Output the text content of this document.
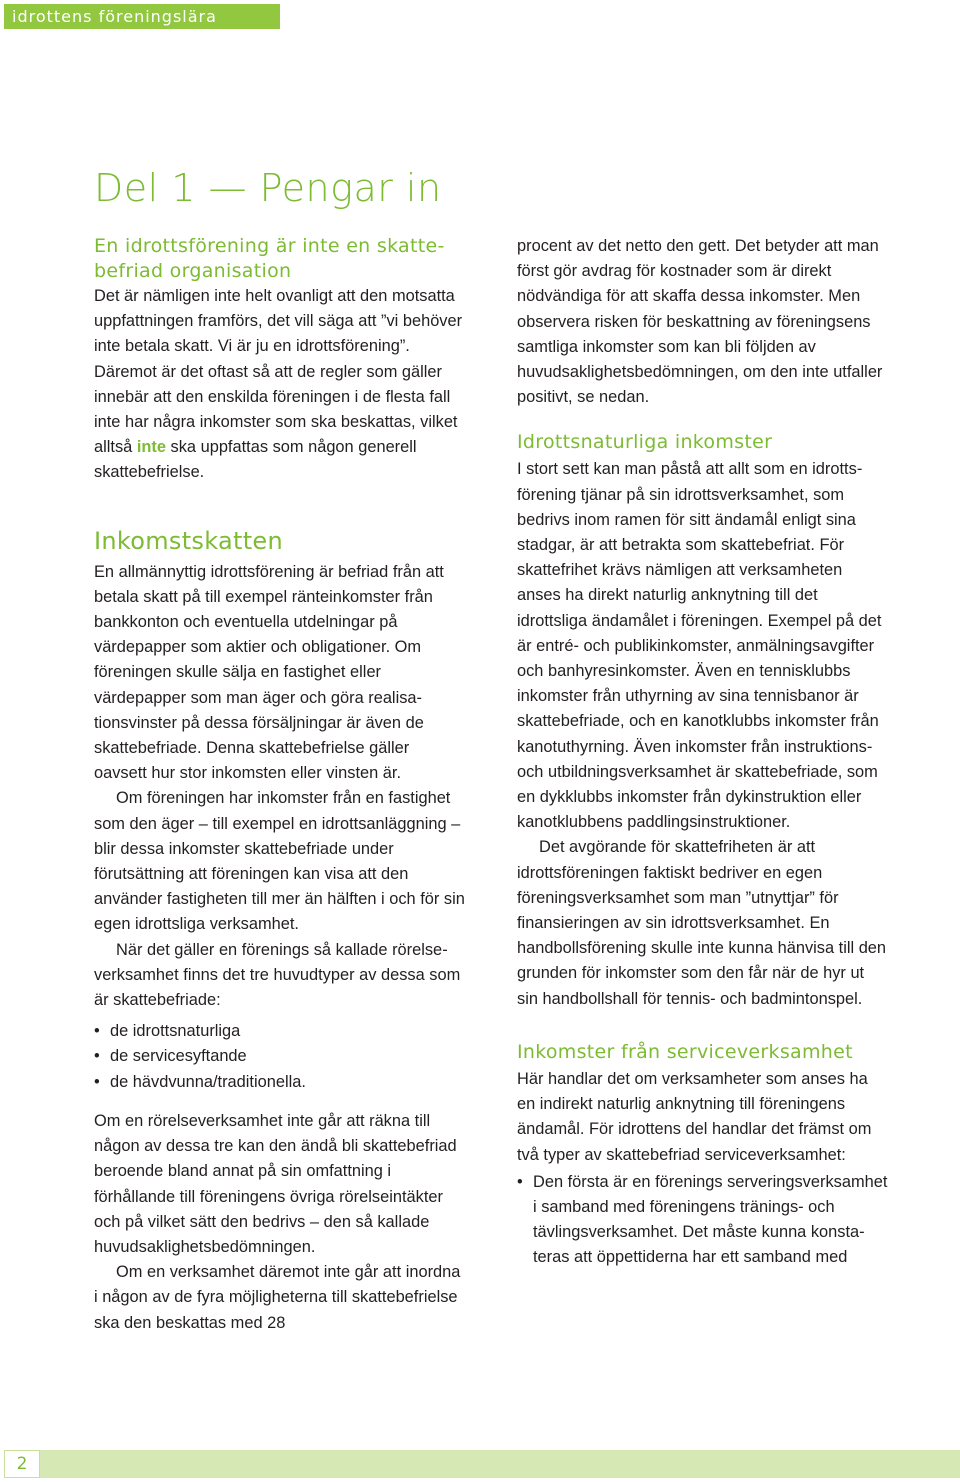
idrottens föreningslära
Del 1 — Pengar in
En idrottsförening är inte en skattebefriad organisation

Det är nämligen inte helt ovanligt att den motsatta uppfattningen framförs, det vill säga att ”vi behöver inte betala skatt. Vi är ju en idrottsförening”. Däremot är det oftast så att de regler som gäller innebär att den enskilda föreningen i de flesta fall inte har några inkomster som ska beskattas, vilket alltså inte ska uppfattas som någon generell skattebefrielse.

Inkomstskatten

En allmännyttig idrottsförening är befriad från att betala skatt på till exempel ränteinkomster från bankkonton och eventuella utdelningar på värdepapper som aktier och obligationer. Om föreningen skulle sälja en fastighet eller värdepapper som man äger och göra realisationsvinster på dessa försäljningar är även de skattebefriade. Denna skattebefrielse gäller oavsett hur stor inkomsten eller vinsten är.

Om föreningen har inkomster från en fastighet som den äger – till exempel en idrottsanläggning – blir dessa inkomster skattebefriade under förutsättning att föreningen kan visa att den använder fastigheten till mer än hälften i och för sin egen idrottsliga verksamhet.

När det gäller en förenings så kallade rörelseverksamhet finns det tre huvudtyper av dessa som är skattebefriade:

• de idrottsnaturliga
• de servicesyftande
• de hävdvunna/traditionella.

Om en rörelseverksamhet inte går att räkna till någon av dessa tre kan den ändå bli skattebefriad beroende bland annat på sin omfattning i förhållande till föreningens övriga rörelseintäkter och på vilket sätt den bedrivs – den så kallade huvudsaklighetsbedömningen.

Om en verksamhet däremot inte går att inordna i någon av de fyra möjligheterna till skattebefrielse ska den beskattas med 28

procent av det netto den gett. Det betyder att man först gör avdrag för kostnader som är direkt nödvändiga för att skaffa dessa inkomster. Men observera risken för beskattning av föreningsens samtliga inkomster som kan bli följden av huvudsaklighetsbedömningen, om den inte utfaller positivt, se nedan.

Idrottsnaturliga inkomster

I stort sett kan man påstå att allt som en idrottsförening tjänar på sin idrottsverksamhet, som bedrivs inom ramen för sitt ändamål enligt sina stadgar, är att betrakta som skattebefriat. För skattefrihet krävs nämligen att verksamheten anses ha direkt naturlig anknytning till det idrottsliga ändamålet i föreningen. Exempel på det är entré- och publikinkomster, anmälningsavgifter och banhyresinkomster. Även en tennisklubbs inkomster från uthyrning av sina tennisbanor är skattebefriade, och en kanotklubbs inkomster från kanotuthyrning. Även inkomster från instruktions- och utbildningsverksamhet är skattebefriade, som en dykklubbs inkomster från dykinstruktion eller kanotklubbens paddlingsinstruktioner.

Det avgörande för skattefriheten är att idrottsföreningen faktiskt bedriver en egen föreningsverksamhet som man ”utnyttjar” för finansieringen av sin idrottsverksamhet. En handbollsförening skulle inte kunna hänvisa till den grunden för inkomster som den får när de hyr ut sin handbollshall för tennis- och badmintonspel.

Inkomster från serviceverksamhet

Här handlar det om verksamheter som anses ha en indirekt naturlig anknytning till föreningens ändamål. För idrottens del handlar det främst om två typer av skattebefriad serviceverksamhet:

• Den första är en förenings serveringsverksamhet i samband med föreningens tränings- och tävlingsverksamhet. Det måste kunna konstateras att öppettiderna har ett samband med
2
